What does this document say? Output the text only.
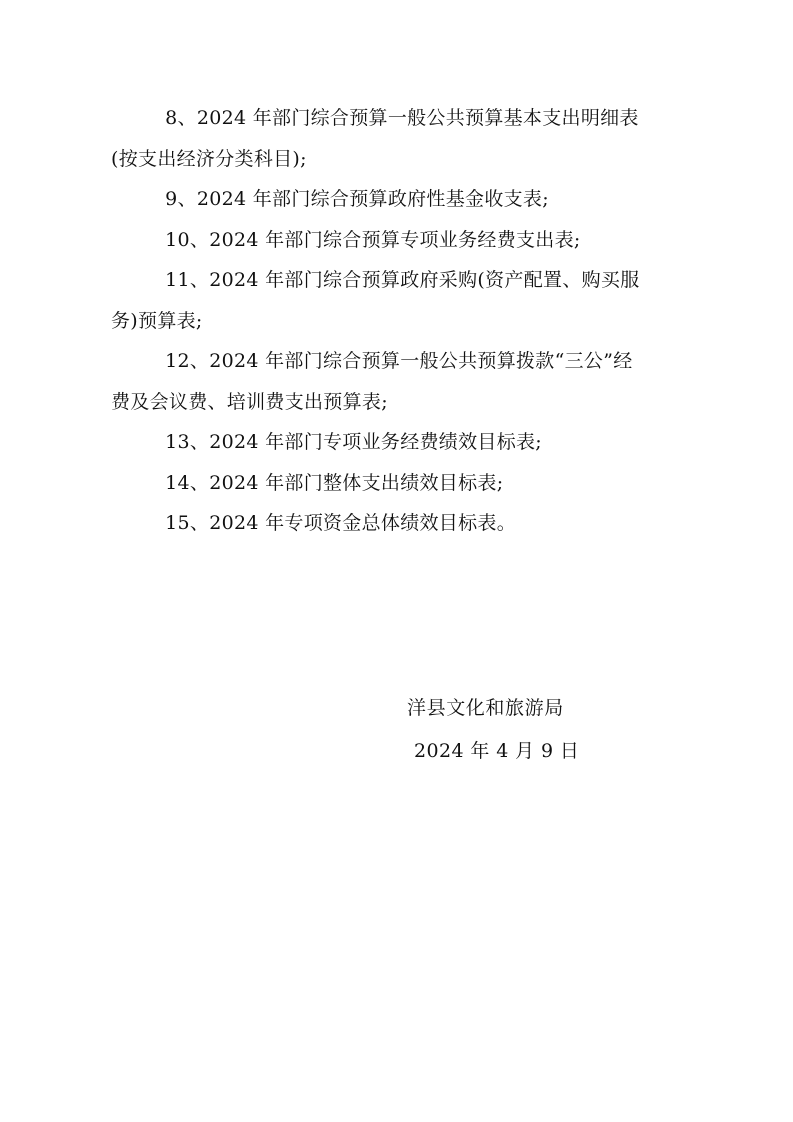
8、2024 年部门综合预算一般公共预算基本支出明细表
(按支出经济分类科目);

9、2024 年部门综合预算政府性基金收支表;

10、2024 年部门综合预算专项业务经费支出表;

11、2024 年部门综合预算政府采购(资产配置、购买服
务)预算表;

12、2024 年部门综合预算一般公共预算拨款“三公”经
费及会议费、培训费支出预算表;

13、2024 年部门专项业务经费绩效目标表;

14、2024 年部门整体支出绩效目标表;

15、2024 年专项资金总体绩效目标表。

洋县文化和旅游局
2024 年 4 月 9 日
